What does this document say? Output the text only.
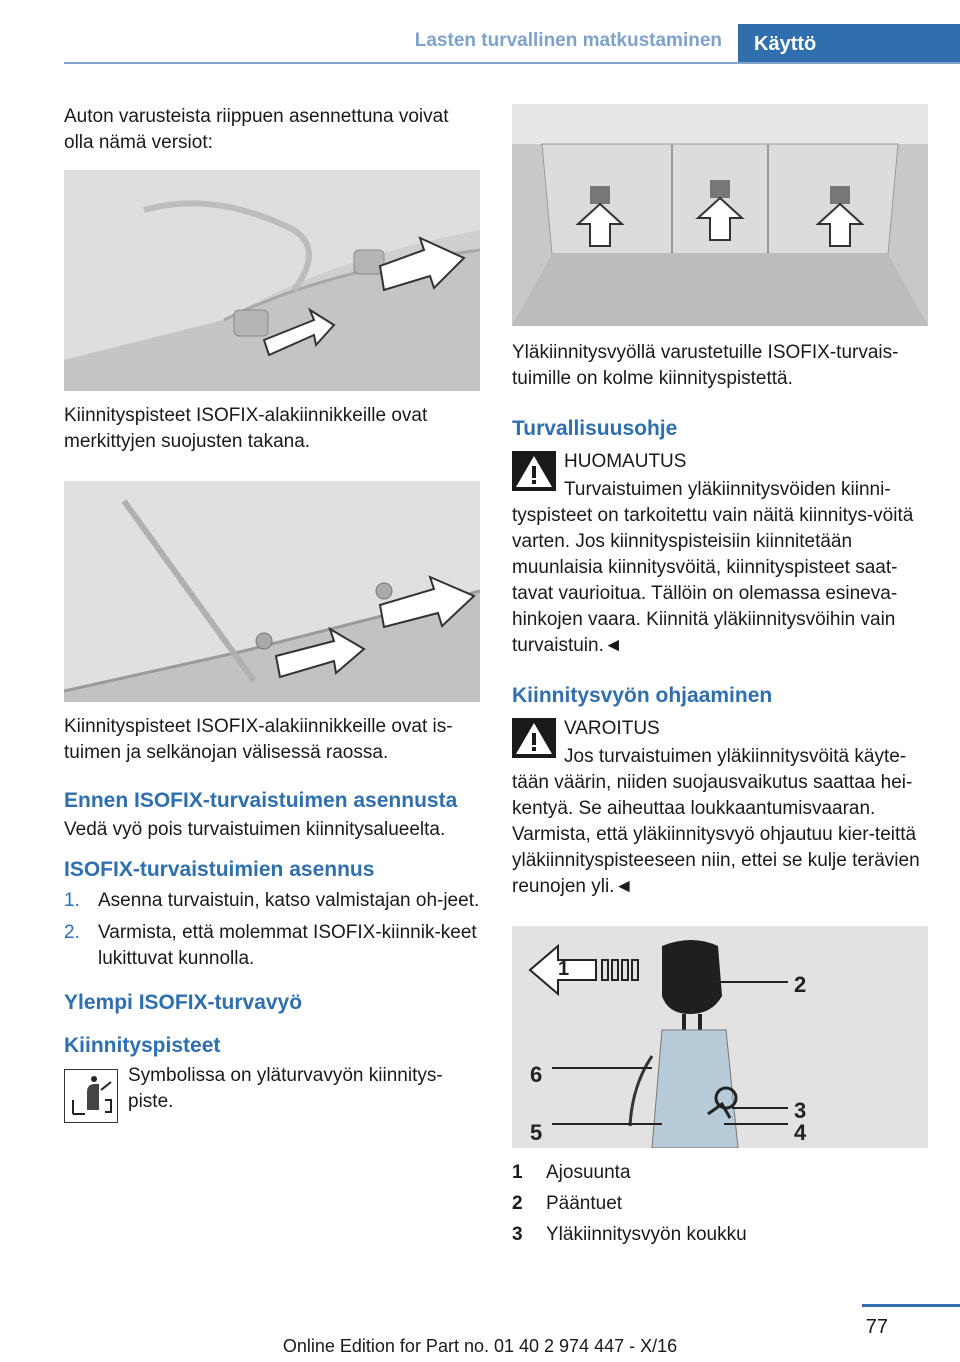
Lasten turvallinen matkustaminen	Käyttö

Auton varusteista riippuen asennettuna voivat olla nämä versiot:

Kiinnityspisteet ISOFIX-alakiinnikkeille ovat merkittyjen suojusten takana.

Kiinnityspisteet ISOFIX-alakiinnikkeille ovat is-tuimen ja selkänojan välisessä raossa.

Ennen ISOFIX-turvaistuimen asennusta

Vedä vyö pois turvaistuimen kiinnitysalueelta.

ISOFIX-turvaistuimien asennus

1. Asenna turvaistuin, katso valmistajan oh-jeet.
2. Varmista, että molemmat ISOFIX-kiinnik-keet lukittuvat kunnolla.

Ylempi ISOFIX-turvavyö

Kiinnityspisteet

Symbolissa on yläturvavyön kiinnitys-piste.

Yläkiinnitysvyöllä varustetuille ISOFIX-turvais-tuimille on kolme kiinnityspistettä.

Turvallisuusohje

HUOMAUTUS

Turvaistuimen yläkiinnitysvöiden kiinni-tyspisteet on tarkoitettu vain näitä kiinnitys-vöitä varten. Jos kiinnityspisteisiin kiinnitetään muunlaisia kiinnitysvöitä, kiinnityspisteet saat-tavat vaurioitua. Tällöin on olemassa esineva-hinkojen vaara. Kiinnitä yläkiinnitysvöihin vain turvaistuin.◄

Kiinnitysvyön ohjaaminen

VAROITUS

Jos turvaistuimen yläkiinnitysvöitä käyte-tään väärin, niiden suojausvaikutus saattaa hei-kentyä. Se aiheuttaa loukkaantumisvaaran. Varmista, että yläkiinnitysvyö ohjautuu kier-teittä yläkiinnityspisteeseen niin, ettei se kulje terävien reunojen yli.◄

1
2
3
4
5
6
1 Ajosuunta
2 Pääntuet
3 Yläkiinnitysvyön koukku
77
Online Edition for Part no. 01 40 2 974 447 - X/16
